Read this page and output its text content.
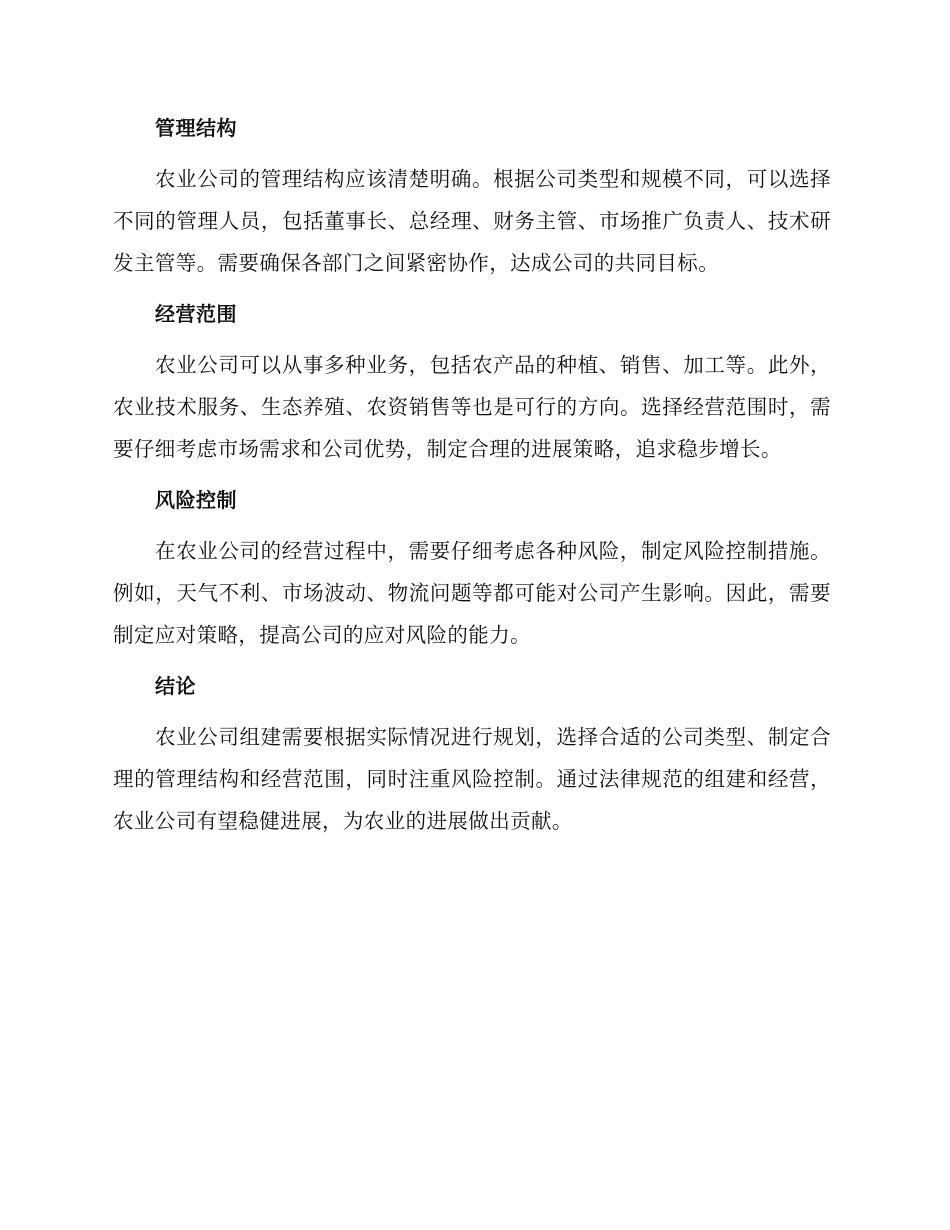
管理结构

农业公司的管理结构应该清楚明确。根据公司类型和规模不同，可以选择不同的管理人员，包括董事长、总经理、财务主管、市场推广负责人、技术研发主管等。需要确保各部门之间紧密协作，达成公司的共同目标。

经营范围

农业公司可以从事多种业务，包括农产品的种植、销售、加工等。此外，农业技术服务、生态养殖、农资销售等也是可行的方向。选择经营范围时，需要仔细考虑市场需求和公司优势，制定合理的进展策略，追求稳步增长。

风险控制

在农业公司的经营过程中，需要仔细考虑各种风险，制定风险控制措施。例如，天气不利、市场波动、物流问题等都可能对公司产生影响。因此，需要制定应对策略，提高公司的应对风险的能力。

结论

农业公司组建需要根据实际情况进行规划，选择合适的公司类型、制定合理的管理结构和经营范围，同时注重风险控制。通过法律规范的组建和经营，农业公司有望稳健进展，为农业的进展做出贡献。
